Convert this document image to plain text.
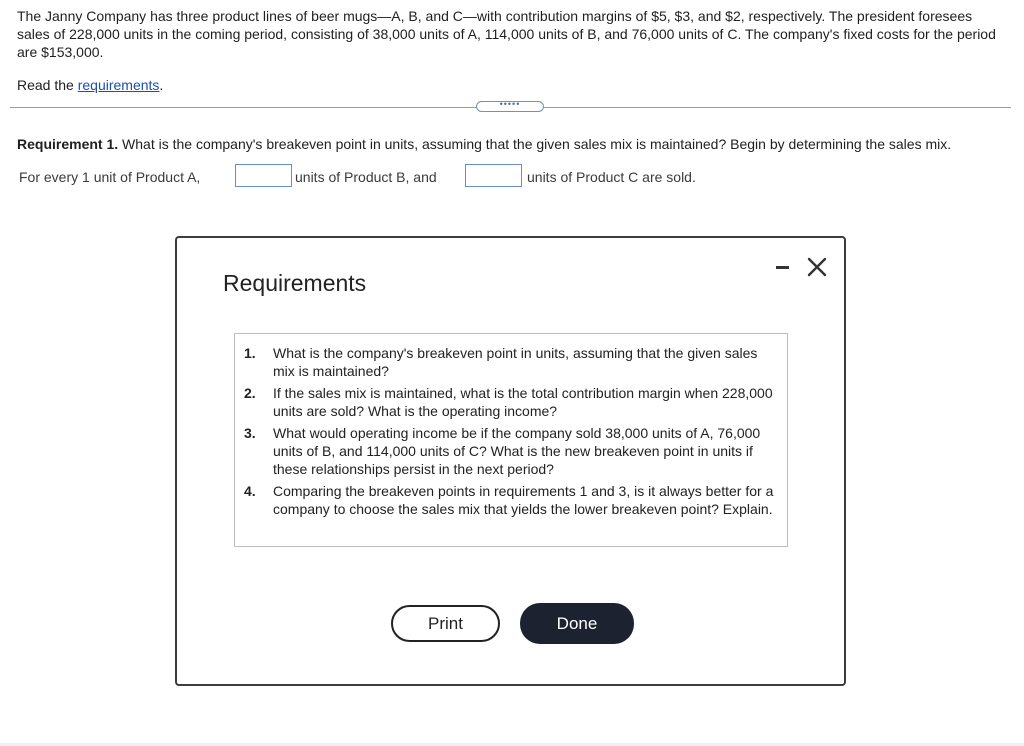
The Janny Company has three product lines of beer mugs—A, B, and C—with contribution margins of $5, $3, and $2, respectively. The president foresees sales of 228,000 units in the coming period, consisting of 38,000 units of A, 114,000 units of B, and 76,000 units of C. The company's fixed costs for the period are $153,000.
Read the requirements.
•••••
Requirement 1. What is the company's breakeven point in units, assuming that the given sales mix is maintained? Begin by determining the sales mix.
For every 1 unit of Product A,	units of Product B, and	units of Product C are sold.
Requirements
1. What is the company's breakeven point in units, assuming that the given sales mix is maintained?
2. If the sales mix is maintained, what is the total contribution margin when 228,000 units are sold? What is the operating income?
3. What would operating income be if the company sold 38,000 units of A, 76,000 units of B, and 114,000 units of C? What is the new breakeven point in units if these relationships persist in the next period?
4. Comparing the breakeven points in requirements 1 and 3, is it always better for a company to choose the sales mix that yields the lower breakeven point? Explain.
Print	Done
